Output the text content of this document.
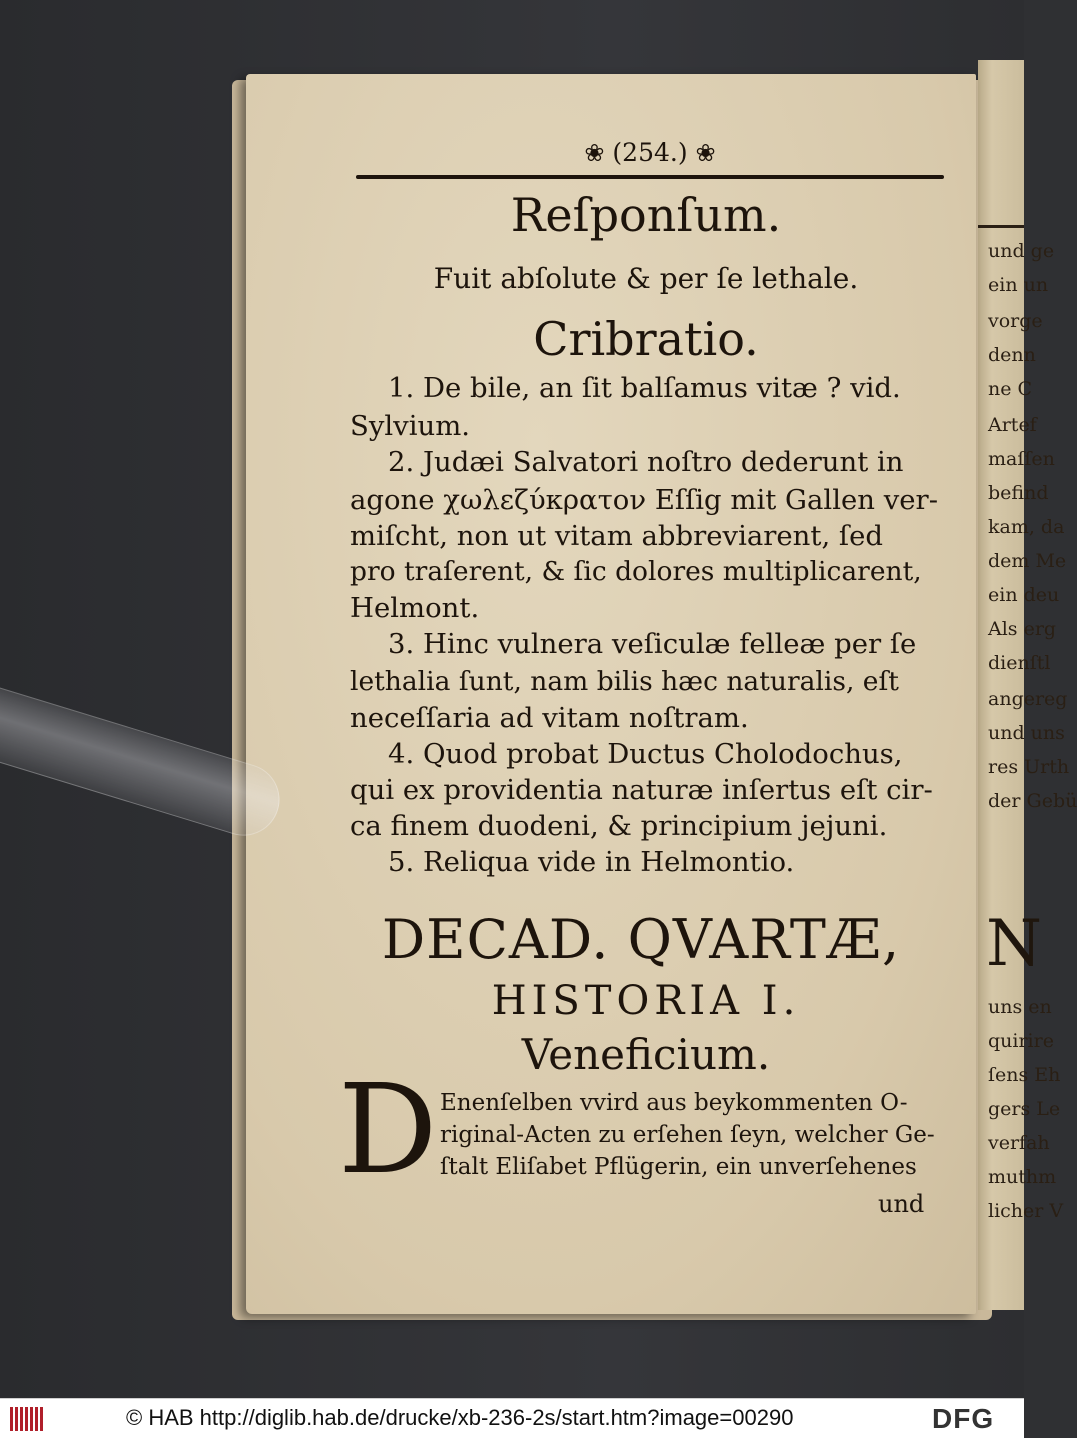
und ge
ein un
vorge
denn
ne C
Artef
maſſen
befind
kam, da
dem Me
ein deu
Als erg
dienſtl
angereg
und uns
res Urth
der Gebü
N
uns en
quirire
ſens Eh
gers Le
verfah
muthm
licher V
❀ (254.) ❀
Reſponſum.
Fuit abſolute & per ſe lethale.
Cribratio.
1. De bile, an ſit balſamus vitæ ? vid.
Sylvium.
2. Judæi Salvatori noſtro dederunt in
agone χωλεζύκρατον Eſſig mit Gallen ver-
miſcht, non ut vitam abbreviarent, ſed
pro traſerent, & ſic dolores multiplicarent,
Helmont.
3. Hinc vulnera veſiculæ felleæ per ſe
lethalia ſunt, nam bilis hæc naturalis, eſt
neceſſaria ad vitam noſtram.
4. Quod probat Ductus Cholodochus,
qui ex providentia naturæ inſertus eſt cir-
ca finem duodeni, & principium jejuni.
5. Reliqua vide in Helmontio.
DECAD. QVARTÆ,
HISTORIA I.
Veneficium.
D Enenſelben vvird aus beykommenten O-
riginal-Acten zu erſehen ſeyn, welcher Ge-
ſtalt Eliſabet Pflügerin, ein unverſehenes
und
© HAB http://diglib.hab.de/drucke/xb-236-2s/start.htm?image=00290	DFG
